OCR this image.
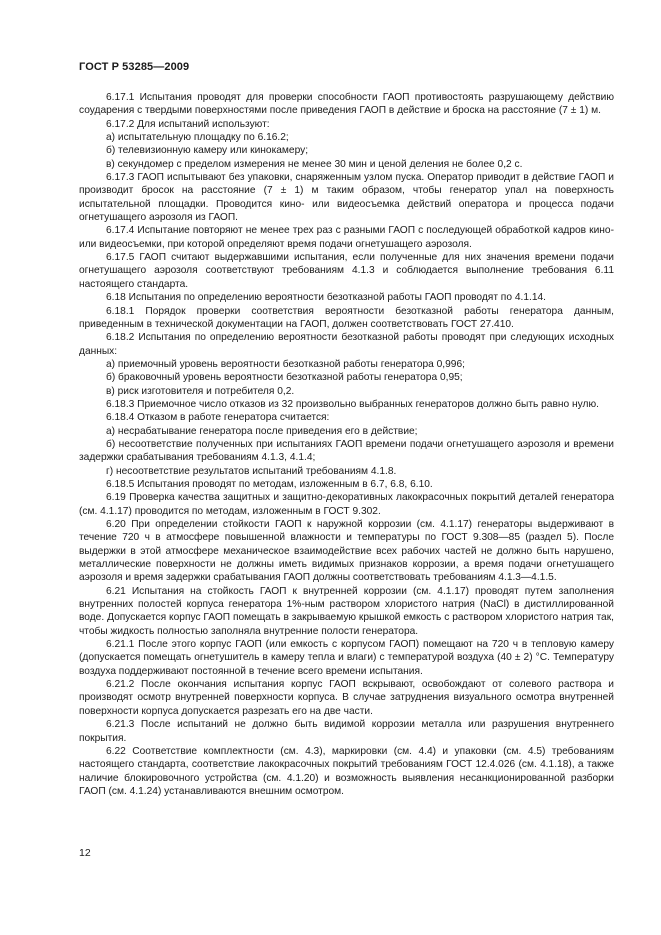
ГОСТ Р 53285—2009

6.17.1 Испытания проводят для проверки способности ГАОП противостоять разрушающему действию соударения с твердыми поверхностями после приведения ГАОП в действие и броска на расстояние (7 ± 1) м.

6.17.2 Для испытаний используют:

а) испытательную площадку по 6.16.2;

б) телевизионную камеру или кинокамеру;

в) секундомер с пределом измерения не менее 30 мин и ценой деления не более 0,2 с.

6.17.3 ГАОП испытывают без упаковки, снаряженным узлом пуска. Оператор приводит в действие ГАОП и производит бросок на расстояние (7 ± 1) м таким образом, чтобы генератор упал на поверхность испытательной площадки. Проводится кино- или видеосъемка действий оператора и процесса подачи огнетушащего аэрозоля из ГАОП.

6.17.4 Испытание повторяют не менее трех раз с разными ГАОП с последующей обработкой кадров кино- или видеосъемки, при которой определяют время подачи огнетушащего аэрозоля.

6.17.5 ГАОП считают выдержавшими испытания, если полученные для них значения времени подачи огнетушащего аэрозоля соответствуют требованиям 4.1.3 и соблюдается выполнение требования 6.11 настоящего стандарта.

6.18 Испытания по определению вероятности безотказной работы ГАОП проводят по 4.1.14.

6.18.1 Порядок проверки соответствия вероятности безотказной работы генератора данным, приведенным в технической документации на ГАОП, должен соответствовать ГОСТ 27.410.

6.18.2 Испытания по определению вероятности безотказной работы проводят при следующих исходных данных:

а) приемочный уровень вероятности безотказной работы генератора 0,996;

б) браковочный уровень вероятности безотказной работы генератора 0,95;

в) риск изготовителя и потребителя 0,2.

6.18.3 Приемочное число отказов из 32 произвольно выбранных генераторов должно быть равно нулю.

6.18.4 Отказом в работе генератора считается:

а) несрабатывание генератора после приведения его в действие;

б) несоответствие полученных при испытаниях ГАОП времени подачи огнетушащего аэрозоля и времени задержки срабатывания требованиям 4.1.3, 4.1.4;

г) несоответствие результатов испытаний требованиям 4.1.8.

6.18.5 Испытания проводят по методам, изложенным в 6.7, 6.8, 6.10.

6.19 Проверка качества защитных и защитно-декоративных лакокрасочных покрытий деталей генератора (см. 4.1.17) проводится по методам, изложенным в ГОСТ 9.302.

6.20 При определении стойкости ГАОП к наружной коррозии (см. 4.1.17) генераторы выдерживают в течение 720 ч в атмосфере повышенной влажности и температуры по ГОСТ 9.308—85 (раздел 5). После выдержки в этой атмосфере механическое взаимодействие всех рабочих частей не должно быть нарушено, металлические поверхности не должны иметь видимых признаков коррозии, а время подачи огнетушащего аэрозоля и время задержки срабатывания ГАОП должны соответствовать требованиям 4.1.3—4.1.5.

6.21 Испытания на стойкость ГАОП к внутренней коррозии (см. 4.1.17) проводят путем заполнения внутренних полостей корпуса генератора 1%-ным раствором хлористого натрия (NaCl) в дистиллированной воде. Допускается корпус ГАОП помещать в закрываемую крышкой емкость с раствором хлористого натрия так, чтобы жидкость полностью заполняла внутренние полости генератора.

6.21.1 После этого корпус ГАОП (или емкость с корпусом ГАОП) помещают на 720 ч в тепловую камеру (допускается помещать огнетушитель в камеру тепла и влаги) с температурой воздуха (40 ± 2) °С. Температуру воздуха поддерживают постоянной в течение всего времени испытания.

6.21.2 После окончания испытания корпус ГАОП вскрывают, освобождают от солевого раствора и производят осмотр внутренней поверхности корпуса. В случае затруднения визуального осмотра внутренней поверхности корпуса допускается разрезать его на две части.

6.21.3 После испытаний не должно быть видимой коррозии металла или разрушения внутреннего покрытия.

6.22 Соответствие комплектности (см. 4.3), маркировки (см. 4.4) и упаковки (см. 4.5) требованиям настоящего стандарта, соответствие лакокрасочных покрытий требованиям ГОСТ 12.4.026 (см. 4.1.18), а также наличие блокировочного устройства (см. 4.1.20) и возможность выявления несанкционированной разборки ГАОП (см. 4.1.24) устанавливаются внешним осмотром.

12
